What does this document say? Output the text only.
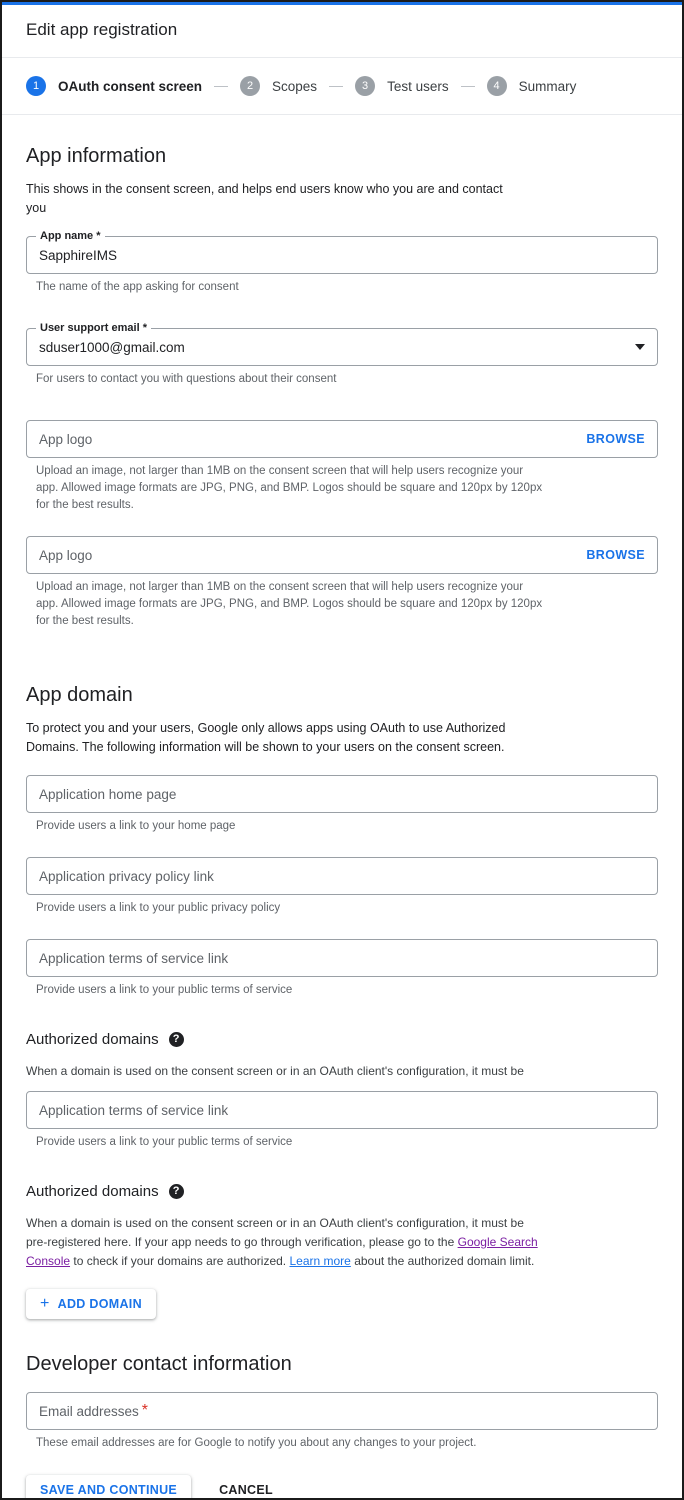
Edit app registration
1	OAuth consent screen	2	Scopes	3	Test users	4	Summary
App information

This shows in the consent screen, and helps end users know who you are and contact you

App name *
SapphireIMS
The name of the app asking for consent
User support email *
sduser1000@gmail.com
For users to contact you with questions about their consent
App logo	BROWSE
Upload an image, not larger than 1MB on the consent screen that will help users recognize your app. Allowed image formats are JPG, PNG, and BMP. Logos should be square and 120px by 120px for the best results.
App logo	BROWSE
Upload an image, not larger than 1MB on the consent screen that will help users recognize your app. Allowed image formats are JPG, PNG, and BMP. Logos should be square and 120px by 120px for the best results.
App domain

To protect you and your users, Google only allows apps using OAuth to use Authorized Domains. The following information will be shown to your users on the consent screen.

Application home page
Provide users a link to your home page
Application privacy policy link
Provide users a link to your public privacy policy
Application terms of service link
Provide users a link to your public terms of service
Authorized domains	?

When a domain is used on the consent screen or in an OAuth client's configuration, it must be

Application terms of service link
Provide users a link to your public terms of service
Authorized domains	?

When a domain is used on the consent screen or in an OAuth client's configuration, it must be pre-registered here. If your app needs to go through verification, please go to the Google Search Console to check if your domains are authorized. Learn more about the authorized domain limit.

+ ADD DOMAIN
Developer contact information
Email addresses *
These email addresses are for Google to notify you about any changes to your project.
SAVE AND CONTINUE	CANCEL
